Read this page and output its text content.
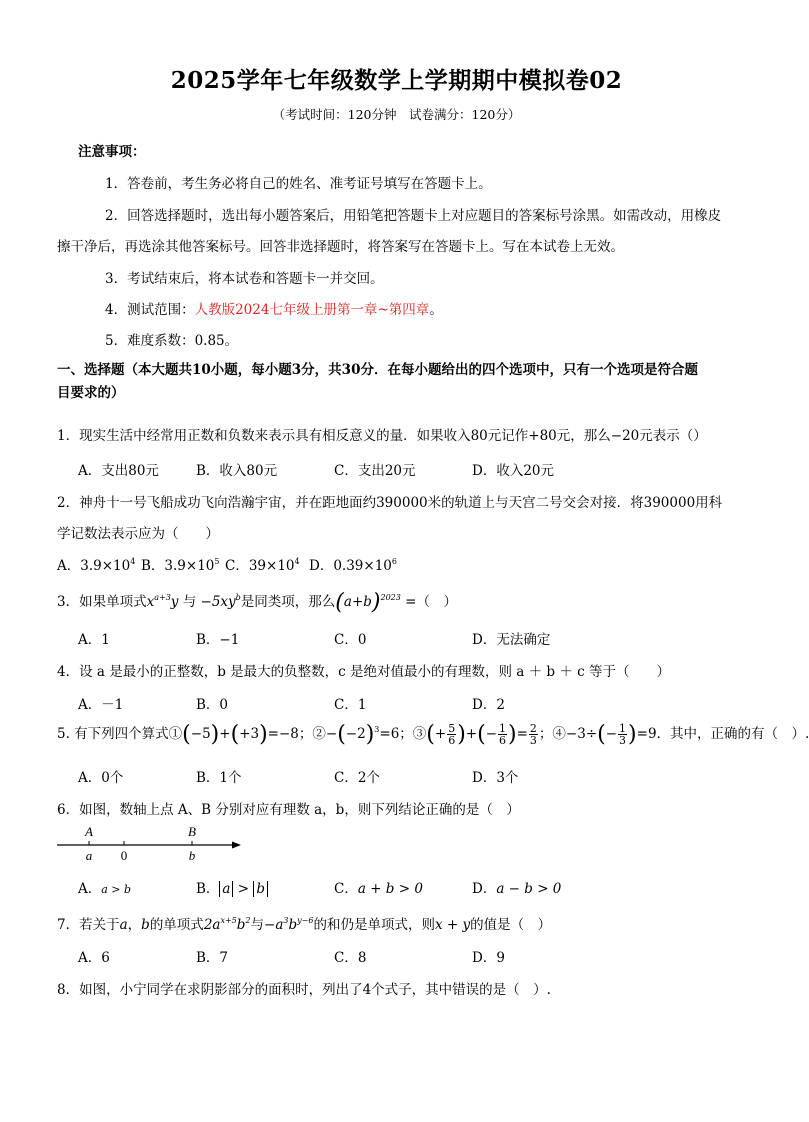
2025学年七年级数学上学期期中模拟卷02
（考试时间：120分钟　试卷满分：120分）
注意事项：
1．答卷前，考生务必将自己的姓名、准考证号填写在答题卡上。
2．回答选择题时，选出每小题答案后，用铅笔把答题卡上对应题目的答案标号涂黑。如需改动，用橡皮
擦干净后，再选涂其他答案标号。回答非选择题时，将答案写在答题卡上。写在本试卷上无效。
3．考试结束后，将本试卷和答题卡一并交回。
4．测试范围：人教版2024七年级上册第一章~第四章。
5．难度系数：0.85。
一、选择题（本大题共10小题，每小题3分，共30分．在每小题给出的四个选项中，只有一个选项是符合题
目要求的）
1．现实生活中经常用正数和负数来表示具有相反意义的量．如果收入80元记作+80元，那么−20元表示（）
A．支出80元	B．收入80元	C．支出20元	D．收入20元
2．神舟十一号飞船成功飞向浩瀚宇宙，并在距地面约390000米的轨道上与天宫二号交会对接．将390000用科
学记数法表示应为（　　）
A．$3.9\times 10^4$ B．$3.9\times 10^5$ C．$39\times 10^4$ D．$0.39\times 10^6$
3．如果单项式$x^{a+3}y$ 与 $-5xy^b$是同类项，那么$(a+b)^{2023}$ =（　）
A．1	B．−1	C．0	D．无法确定
4．设 a 是最小的正整数，b 是最大的负整数，c 是绝对值最小的有理数，则 a ＋ b ＋ c 等于（　　）
A．－1	B．0	C．1	D．2
5. 有下列四个算式①(−5)+(+3)=−8；$②-(-2)^3=6$；③(+ $\frac{5}{6}$ )+(− $\frac{1}{6}$ )= $\frac{2}{3}$ ；④−3÷(− $\frac{1}{3} )=9$．其中，正确的有（　）.
A．0个	B．1个	C．2个	D．3个
6．如图，数轴上点 A、B 分别对应有理数 a，b，则下列结论正确的是（　）
A	B
a 0	b
A．a > b	B． a > b	C．a + b > 0	D．a − b > 0
7．若关于a，b的单项式$2a^{x+5}b^2$与$-a^3b^{y-6}$的和仍是单项式，则x + y的值是（　）
A．6	B．7	C．8	D．9
8．如图，小宁同学在求阴影部分的面积时，列出了4个式子，其中错误的是（　）.
